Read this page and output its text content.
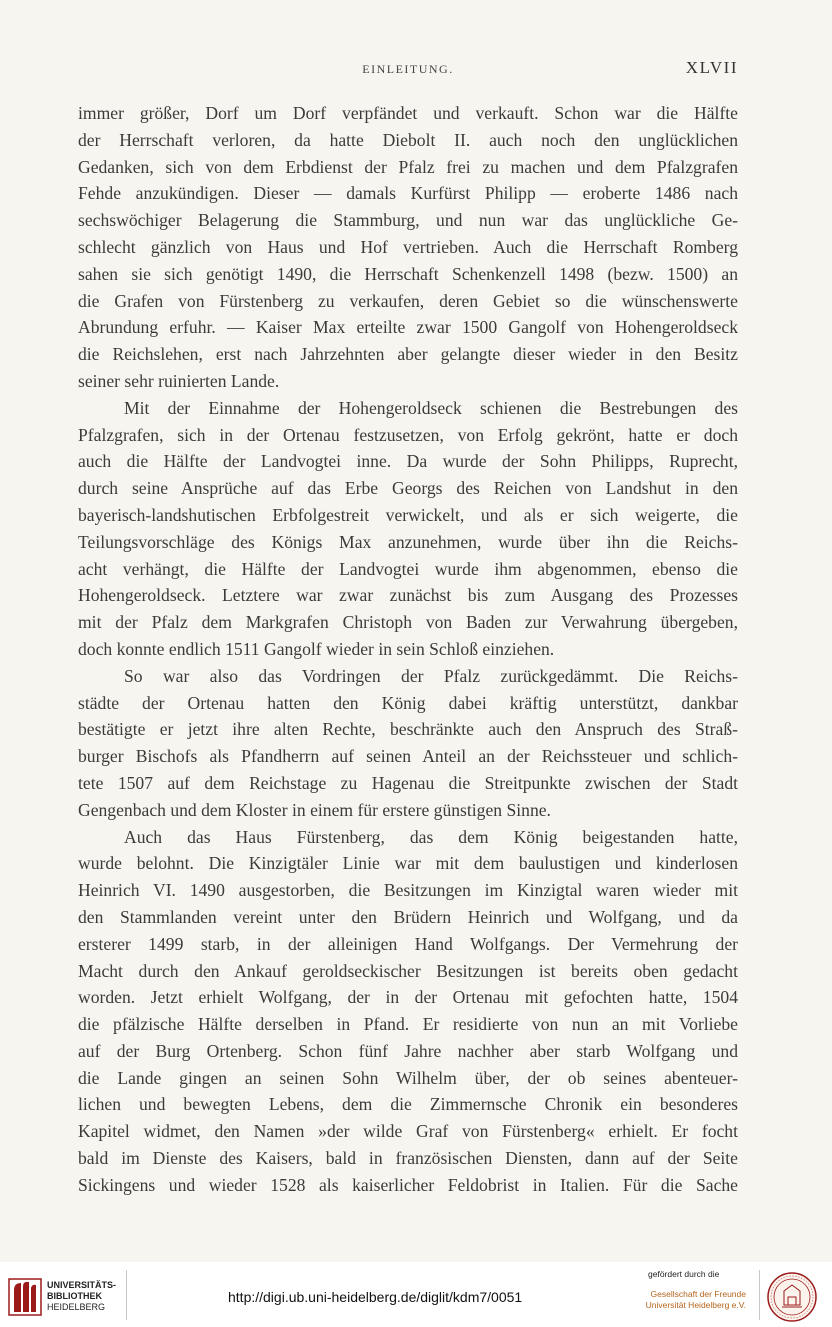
EINLEITUNG.	XLVII
immer größer, Dorf um Dorf verpfändet und verkauft. Schon war die Hälfte
der Herrschaft verloren, da hatte Diebolt II. auch noch den unglücklichen
Gedanken, sich von dem Erbdienst der Pfalz frei zu machen und dem Pfalzgrafen
Fehde anzukündigen. Dieser — damals Kurfürst Philipp — eroberte 1486 nach
sechswöchiger Belagerung die Stammburg, und nun war das unglückliche Ge-
schlecht gänzlich von Haus und Hof vertrieben. Auch die Herrschaft Romberg
sahen sie sich genötigt 1490, die Herrschaft Schenkenzell 1498 (bezw. 1500) an
die Grafen von Fürstenberg zu verkaufen, deren Gebiet so die wünschenswerte
Abrundung erfuhr. — Kaiser Max erteilte zwar 1500 Gangolf von Hohengeroldseck
die Reichslehen, erst nach Jahrzehnten aber gelangte dieser wieder in den Besitz
seiner sehr ruinierten Lande.
Mit der Einnahme der Hohengeroldseck schienen die Bestrebungen des
Pfalzgrafen, sich in der Ortenau festzusetzen, von Erfolg gekrönt, hatte er doch
auch die Hälfte der Landvogtei inne. Da wurde der Sohn Philipps, Ruprecht,
durch seine Ansprüche auf das Erbe Georgs des Reichen von Landshut in den
bayerisch-landshutischen Erbfolgestreit verwickelt, und als er sich weigerte, die
Teilungsvorschläge des Königs Max anzunehmen, wurde über ihn die Reichs-
acht verhängt, die Hälfte der Landvogtei wurde ihm abgenommen, ebenso die
Hohengeroldseck. Letztere war zwar zunächst bis zum Ausgang des Prozesses
mit der Pfalz dem Markgrafen Christoph von Baden zur Verwahrung übergeben,
doch konnte endlich 1511 Gangolf wieder in sein Schloß einziehen.
So war also das Vordringen der Pfalz zurückgedämmt. Die Reichs-
städte der Ortenau hatten den König dabei kräftig unterstützt, dankbar
bestätigte er jetzt ihre alten Rechte, beschränkte auch den Anspruch des Straß-
burger Bischofs als Pfandherrn auf seinen Anteil an der Reichssteuer und schlich-
tete 1507 auf dem Reichstage zu Hagenau die Streitpunkte zwischen der Stadt
Gengenbach und dem Kloster in einem für erstere günstigen Sinne.
Auch das Haus Fürstenberg, das dem König beigestanden hatte,
wurde belohnt. Die Kinzigtäler Linie war mit dem baulustigen und kinderlosen
Heinrich VI. 1490 ausgestorben, die Besitzungen im Kinzigtal waren wieder mit
den Stammlanden vereint unter den Brüdern Heinrich und Wolfgang, und da
ersterer 1499 starb, in der alleinigen Hand Wolfgangs. Der Vermehrung der
Macht durch den Ankauf geroldseckischer Besitzungen ist bereits oben gedacht
worden. Jetzt erhielt Wolfgang, der in der Ortenau mit gefochten hatte, 1504
die pfälzische Hälfte derselben in Pfand. Er residierte von nun an mit Vorliebe
auf der Burg Ortenberg. Schon fünf Jahre nachher aber starb Wolfgang und
die Lande gingen an seinen Sohn Wilhelm über, der ob seines abenteuer-
lichen und bewegten Lebens, dem die Zimmernsche Chronik ein besonderes
Kapitel widmet, den Namen »der wilde Graf von Fürstenberg« erhielt. Er focht
bald im Dienste des Kaisers, bald in französischen Diensten, dann auf der Seite
Sickingens und wieder 1528 als kaiserlicher Feldobrist in Italien. Für die Sache
UNIVERSITÄTS-
BIBLIOTHEK
HEIDELBERG
http://digi.ub.uni-heidelberg.de/diglit/kdm7/0051
gefördert durch die
Gesellschaft der Freunde
Universität Heidelberg e.V.
